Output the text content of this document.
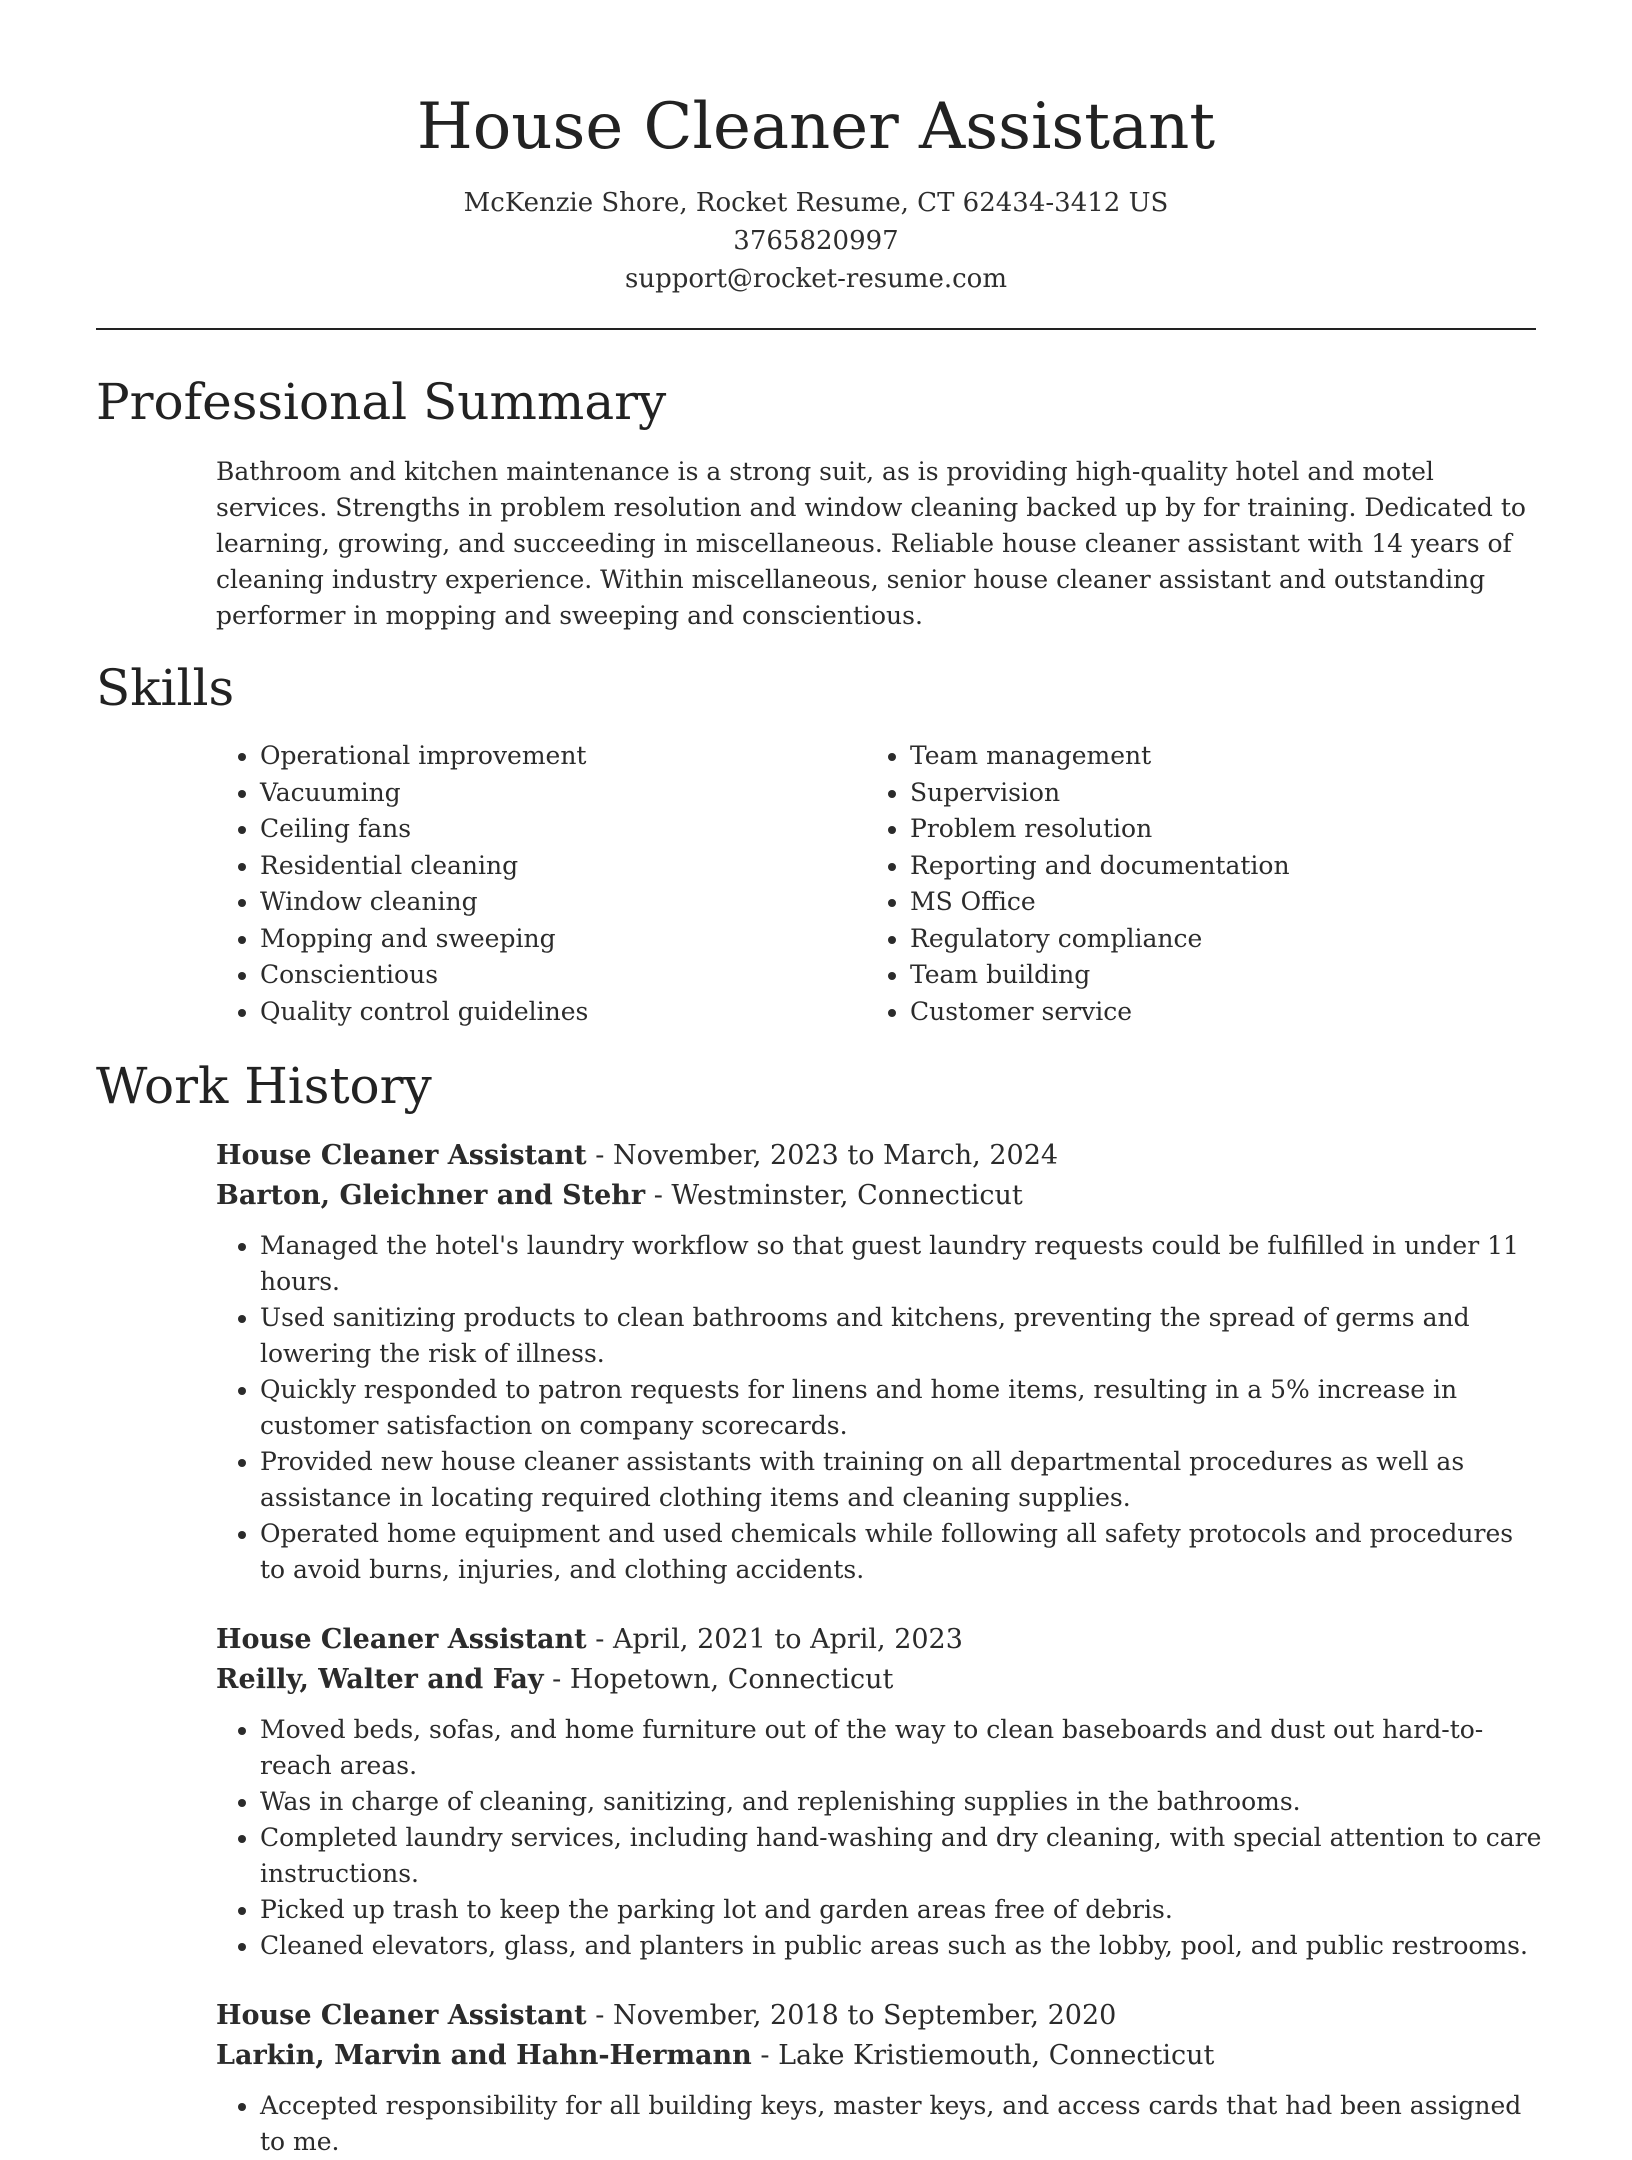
House Cleaner Assistant
McKenzie Shore, Rocket Resume, CT 62434-3412 US
3765820997
support@rocket-resume.com
Professional Summary
Bathroom and kitchen maintenance is a strong suit, as is providing high-quality hotel and motel services. Strengths in problem resolution and window cleaning backed up by for training. Dedicated to learning, growing, and succeeding in miscellaneous. Reliable house cleaner assistant with 14 years of cleaning industry experience. Within miscellaneous, senior house cleaner assistant and outstanding performer in mopping and sweeping and conscientious.
Skills
• Operational improvement
• Vacuuming
• Ceiling fans
• Residential cleaning
• Window cleaning
• Mopping and sweeping
• Conscientious
• Quality control guidelines
• Team management
• Supervision
• Problem resolution
• Reporting and documentation
• MS Office
• Regulatory compliance
• Team building
• Customer service
Work History
House Cleaner Assistant - November, 2023 to March, 2024
Barton, Gleichner and Stehr - Westminster, Connecticut
• Managed the hotel's laundry workflow so that guest laundry requests could be fulfilled in under 11 hours.
• Used sanitizing products to clean bathrooms and kitchens, preventing the spread of germs and lowering the risk of illness.
• Quickly responded to patron requests for linens and home items, resulting in a 5% increase in customer satisfaction on company scorecards.
• Provided new house cleaner assistants with training on all departmental procedures as well as assistance in locating required clothing items and cleaning supplies.
• Operated home equipment and used chemicals while following all safety protocols and procedures to avoid burns, injuries, and clothing accidents.
House Cleaner Assistant - April, 2021 to April, 2023
Reilly, Walter and Fay - Hopetown, Connecticut
• Moved beds, sofas, and home furniture out of the way to clean baseboards and dust out hard-to-reach areas.
• Was in charge of cleaning, sanitizing, and replenishing supplies in the bathrooms.
• Completed laundry services, including hand-washing and dry cleaning, with special attention to care instructions.
• Picked up trash to keep the parking lot and garden areas free of debris.
• Cleaned elevators, glass, and planters in public areas such as the lobby, pool, and public restrooms.
House Cleaner Assistant - November, 2018 to September, 2020
Larkin, Marvin and Hahn-Hermann - Lake Kristiemouth, Connecticut
• Accepted responsibility for all building keys, master keys, and access cards that had been assigned to me.
